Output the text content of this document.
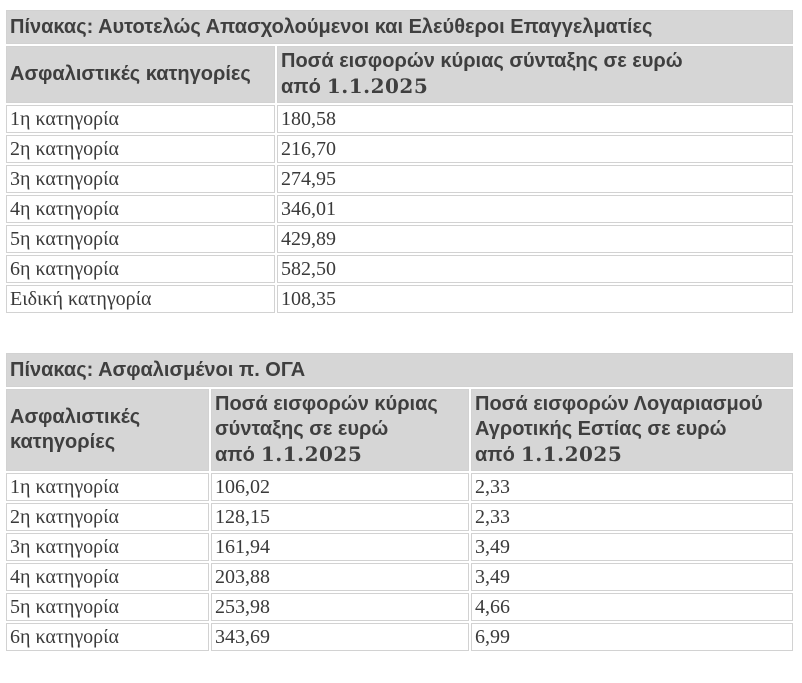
Πίνακας: Αυτοτελώς Απασχολούμενοι και Ελεύθεροι Επαγγελματίες	
Ασφαλιστικές κατηγορίες	Ποσά εισφορών κύριας σύνταξης σε ευρώ από 1.1.2025
1η κατηγορία	180,58
2η κατηγορία	216,70
3η κατηγορία	274,95
4η κατηγορία	346,01
5η κατηγορία	429,89
6η κατηγορία	582,50
Ειδική κατηγορία	108,35
Πίνακας: Ασφαλισμένοι π. ΟΓΑ		
Ασφαλιστικές κατηγορίες	Ποσά εισφορών κύριας σύνταξης σε ευρώ από 1.1.2025	Ποσά εισφορών Λογαριασμού Αγροτικής Εστίας σε ευρώ από 1.1.2025
1η κατηγορία	106,02	2,33
2η κατηγορία	128,15	2,33
3η κατηγορία	161,94	3,49
4η κατηγορία	203,88	3,49
5η κατηγορία	253,98	4,66
6η κατηγορία	343,69	6,99
